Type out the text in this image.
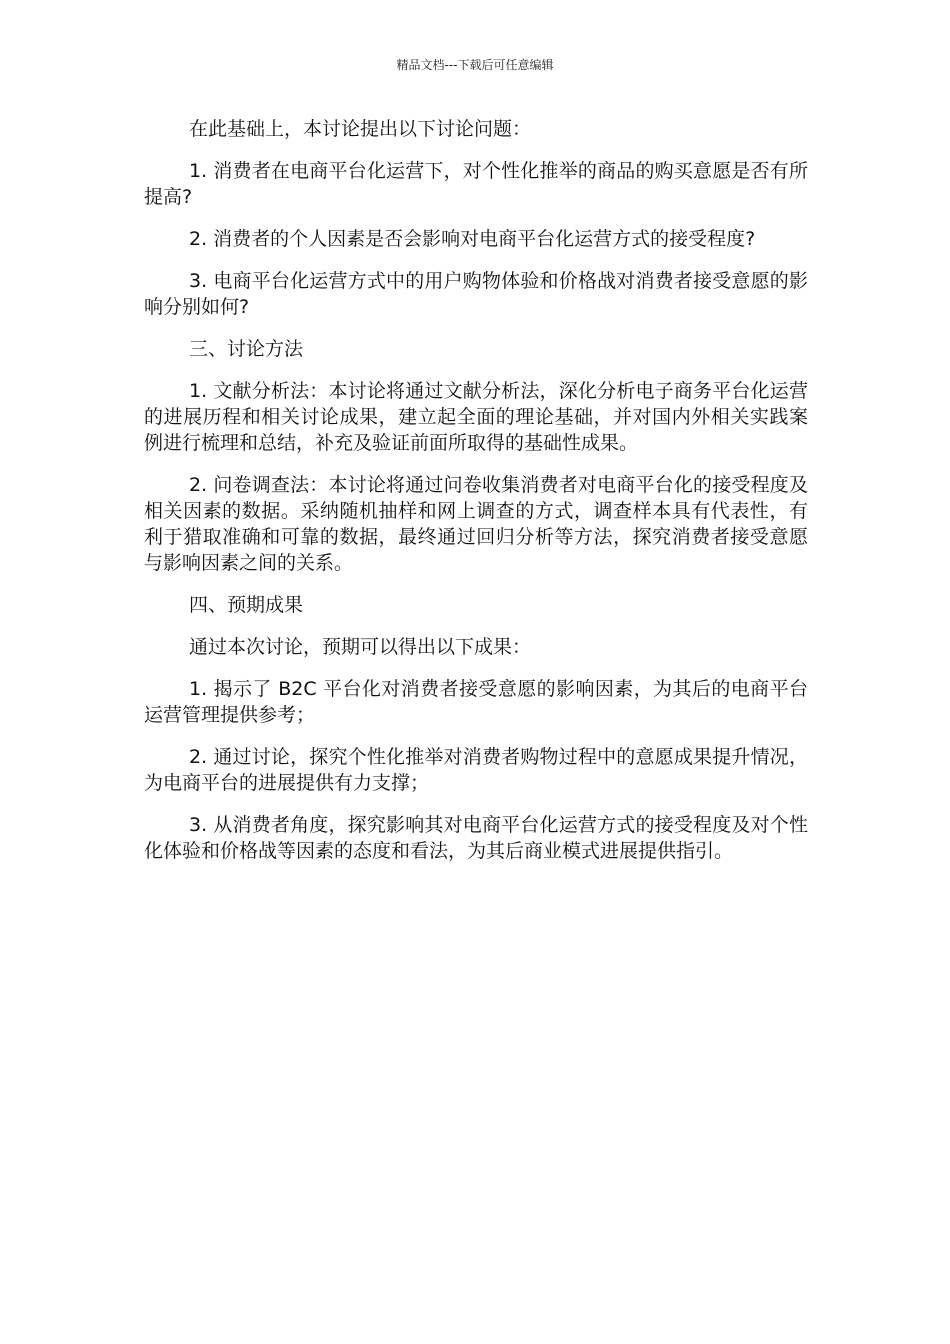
精品文档---下载后可任意编辑

在此基础上，本讨论提出以下讨论问题：

1. 消费者在电商平台化运营下，对个性化推举的商品的购买意愿是否有所提高?

2. 消费者的个人因素是否会影响对电商平台化运营方式的接受程度?

3. 电商平台化运营方式中的用户购物体验和价格战对消费者接受意愿的影响分别如何?

三、讨论方法

1. 文献分析法：本讨论将通过文献分析法，深化分析电子商务平台化运营的进展历程和相关讨论成果，建立起全面的理论基础，并对国内外相关实践案例进行梳理和总结，补充及验证前面所取得的基础性成果。

2. 问卷调查法：本讨论将通过问卷收集消费者对电商平台化的接受程度及相关因素的数据。采纳随机抽样和网上调查的方式，调查样本具有代表性，有利于猎取准确和可靠的数据，最终通过回归分析等方法，探究消费者接受意愿与影响因素之间的关系。

四、预期成果

通过本次讨论，预期可以得出以下成果：

1. 揭示了 B2C 平台化对消费者接受意愿的影响因素，为其后的电商平台运营管理提供参考；

2. 通过讨论，探究个性化推举对消费者购物过程中的意愿成果提升情况，为电商平台的进展提供有力支撑；

3. 从消费者角度，探究影响其对电商平台化运营方式的接受程度及对个性化体验和价格战等因素的态度和看法，为其后商业模式进展提供指引。
